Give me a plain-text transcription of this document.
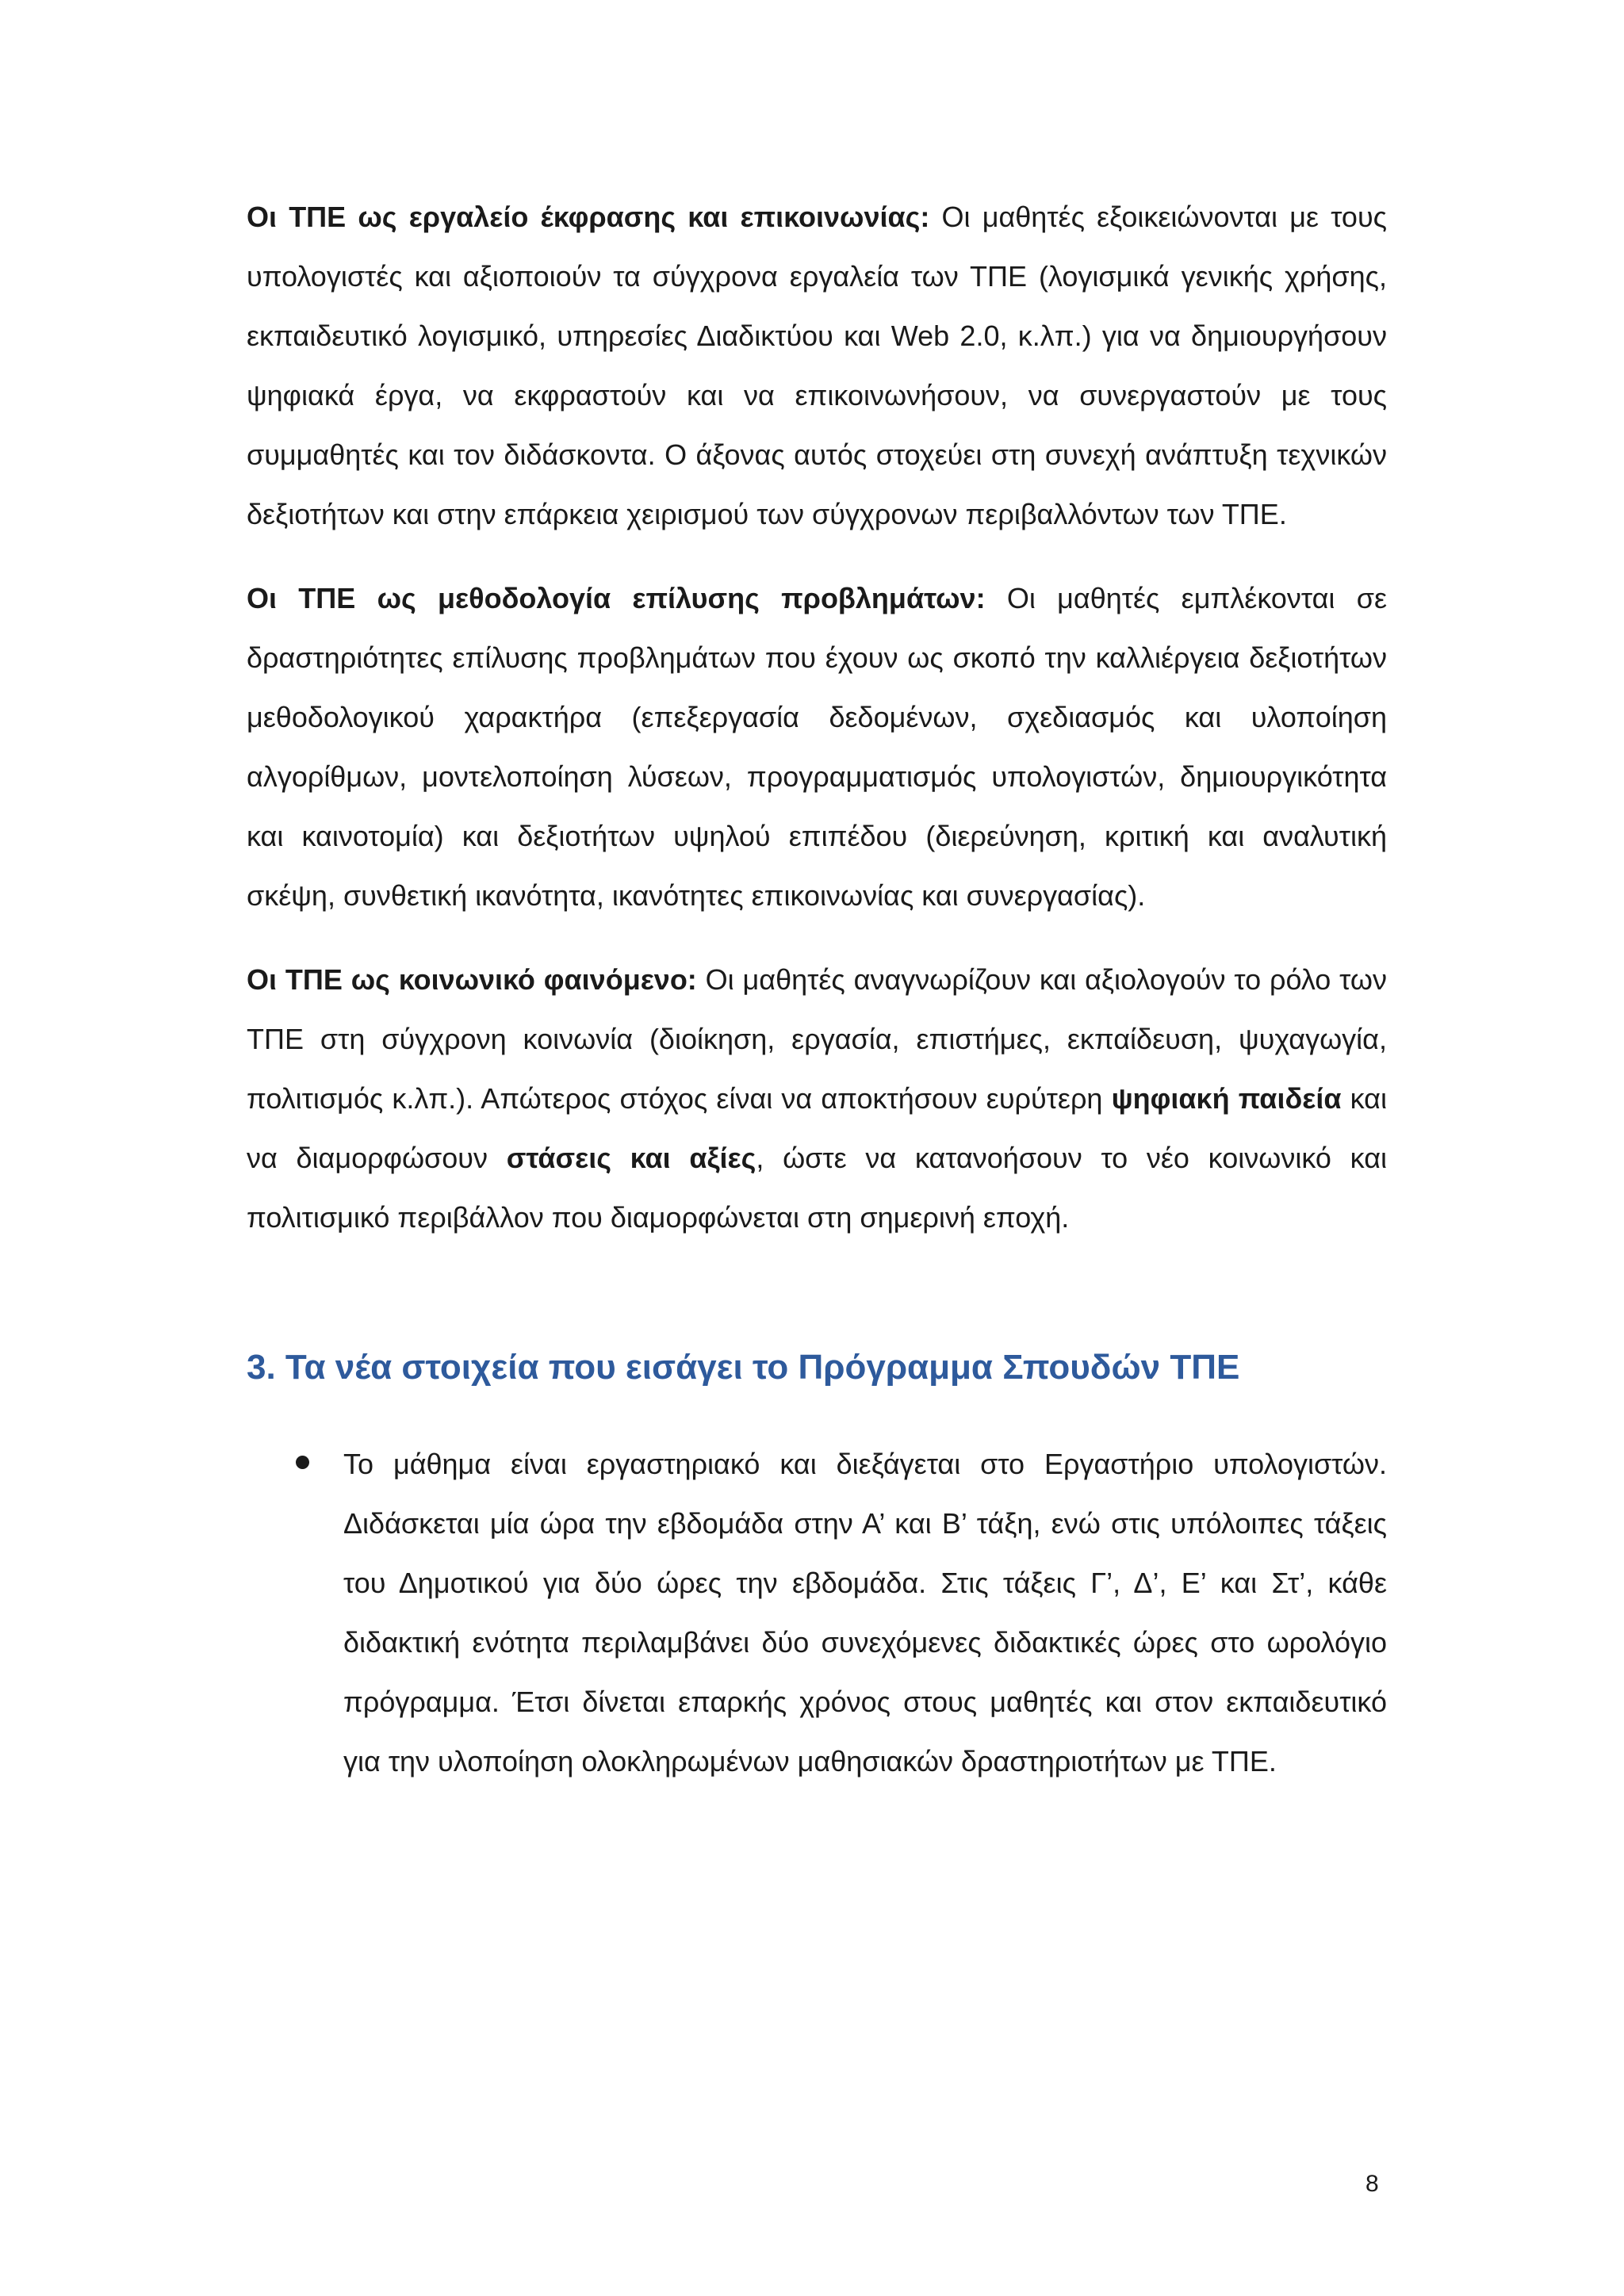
Οι ΤΠΕ ως εργαλείο έκφρασης και επικοινωνίας: Οι μαθητές εξοικειώνονται με τους υπολογιστές και αξιοποιούν τα σύγχρονα εργαλεία των ΤΠΕ (λογισμικά γενικής χρήσης, εκπαιδευτικό λογισμικό, υπηρεσίες Διαδικτύου και Web 2.0, κ.λπ.) για να δημιουργήσουν ψηφιακά έργα, να εκφραστούν και να επικοινωνήσουν, να συνεργαστούν με τους συμμαθητές και τον διδάσκοντα. Ο άξονας αυτός στοχεύει στη συνεχή ανάπτυξη τεχνικών δεξιοτήτων και στην επάρκεια χειρισμού των σύγχρονων περιβαλλόντων των ΤΠΕ.

Οι ΤΠΕ ως μεθοδολογία επίλυσης προβλημάτων: Οι μαθητές εμπλέκονται σε δραστηριότητες επίλυσης προβλημάτων που έχουν ως σκοπό την καλλιέργεια δεξιοτήτων μεθοδολογικού χαρακτήρα (επεξεργασία δεδομένων, σχεδιασμός και υλοποίηση αλγορίθμων, μοντελοποίηση λύσεων, προγραμματισμός υπολογιστών, δημιουργικότητα και καινοτομία) και δεξιοτήτων υψηλού επιπέδου (διερεύνηση, κριτική και αναλυτική σκέψη, συνθετική ικανότητα, ικανότητες επικοινωνίας και συνεργασίας).

Οι ΤΠΕ ως κοινωνικό φαινόμενο: Οι μαθητές αναγνωρίζουν και αξιολογούν το ρόλο των ΤΠΕ στη σύγχρονη κοινωνία (διοίκηση, εργασία, επιστήμες, εκπαίδευση, ψυχαγωγία, πολιτισμός κ.λπ.). Απώτερος στόχος είναι να αποκτήσουν ευρύτερη ψηφιακή παιδεία και να διαμορφώσουν στάσεις και αξίες, ώστε να κατανοήσουν το νέο κοινωνικό και πολιτισμικό περιβάλλον που διαμορφώνεται στη σημερινή εποχή.

3. Τα νέα στοιχεία που εισάγει το Πρόγραμμα Σπουδών ΤΠΕ
Το μάθημα είναι εργαστηριακό και διεξάγεται στο Εργαστήριο υπολογιστών. Διδάσκεται μία ώρα την εβδομάδα στην Α’ και Β’ τάξη, ενώ στις υπόλοιπες τάξεις του Δημοτικού για δύο ώρες την εβδομάδα. Στις τάξεις Γ’, Δ’, Ε’ και Στ’, κάθε διδακτική ενότητα περιλαμβάνει δύο συνεχόμενες διδακτικές ώρες στο ωρολόγιο πρόγραμμα. Έτσι δίνεται επαρκής χρόνος στους μαθητές και στον εκπαιδευτικό για την υλοποίηση ολοκληρωμένων μαθησιακών δραστηριοτήτων με ΤΠΕ.
8
